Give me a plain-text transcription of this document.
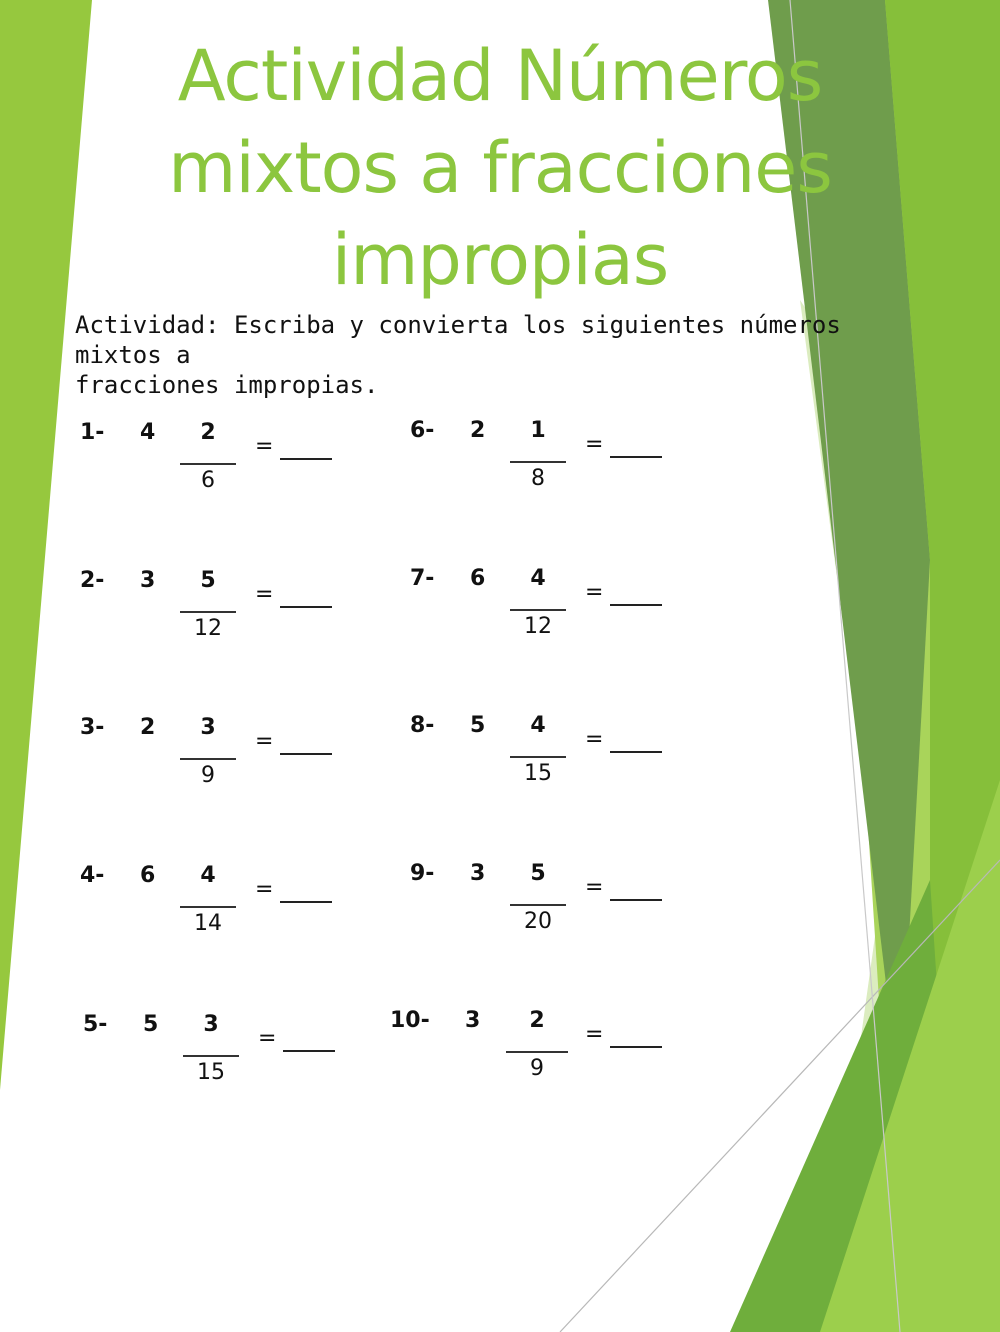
Actividad Números
mixtos a fracciones
impropias

Actividad: Escriba y convierta los siguientes números mixtos a
fracciones impropias.

1- 4	2
6
=
2- 3	5
12
=
3- 2	3
9
=
4- 6	4
14
=
5- 5	3
15
=
6- 2	1
8
=
7- 6	4
12
=
8- 5	4
15
=
9- 3	5
20
=
10- 3	2
9
=
